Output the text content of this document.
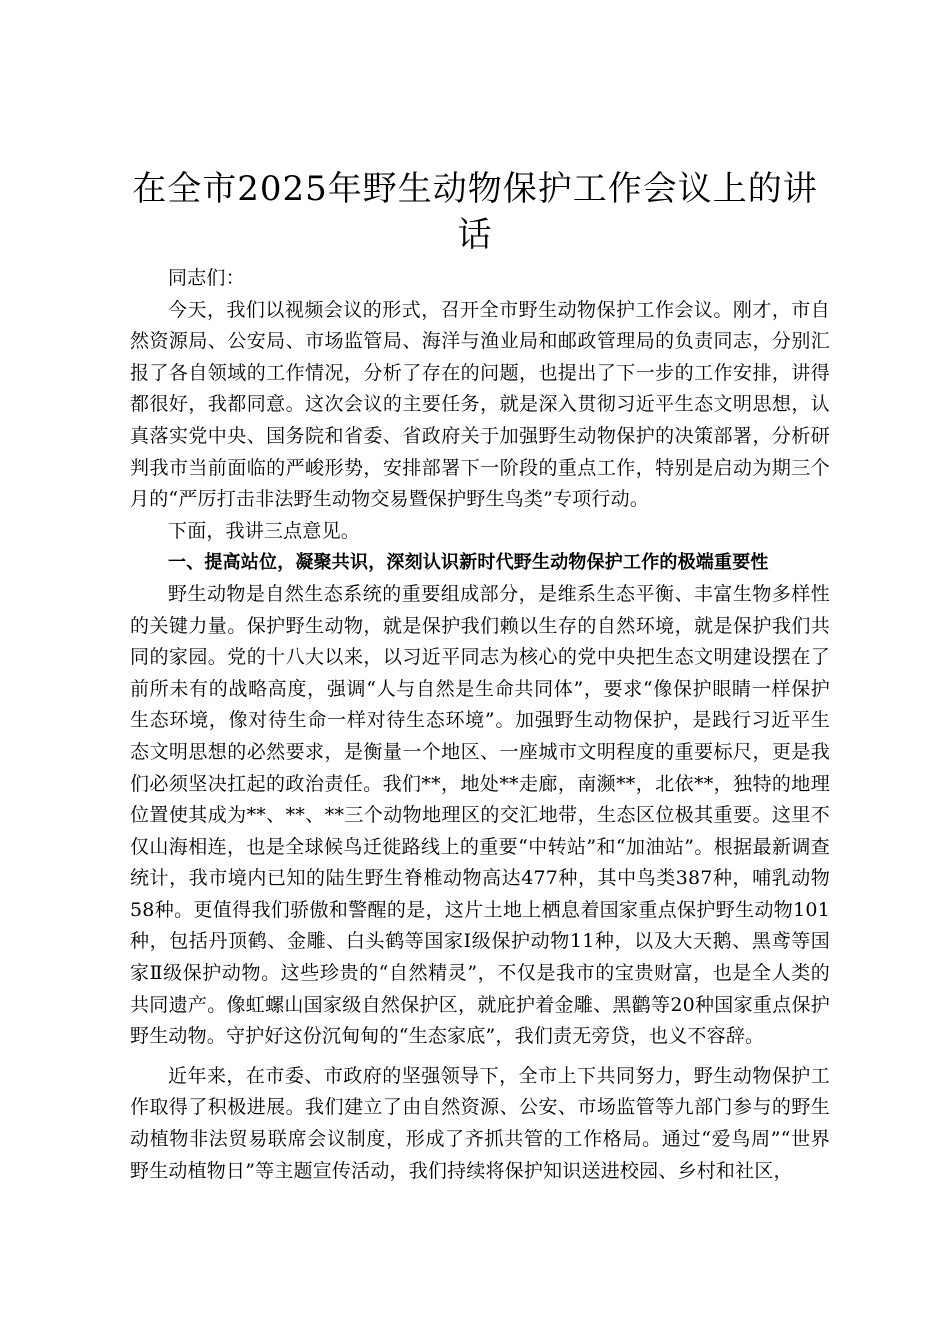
在全市2025年野生动物保护工作会议上的讲话

同志们：

今天，我们以视频会议的形式，召开全市野生动物保护工作会议。刚才，市自然资源局、公安局、市场监管局、海洋与渔业局和邮政管理局的负责同志，分别汇报了各自领域的工作情况，分析了存在的问题，也提出了下一步的工作安排，讲得都很好，我都同意。这次会议的主要任务，就是深入贯彻习近平生态文明思想，认真落实党中央、国务院和省委、省政府关于加强野生动物保护的决策部署，分析研判我市当前面临的严峻形势，安排部署下一阶段的重点工作，特别是启动为期三个月的“严厉打击非法野生动物交易暨保护野生鸟类”专项行动。

下面，我讲三点意见。

一、提高站位，凝聚共识，深刻认识新时代野生动物保护工作的极端重要性

野生动物是自然生态系统的重要组成部分，是维系生态平衡、丰富生物多样性的关键力量。保护野生动物，就是保护我们赖以生存的自然环境，就是保护我们共同的家园。党的十八大以来，以习近平同志为核心的党中央把生态文明建设摆在了前所未有的战略高度，强调“人与自然是生命共同体”，要求“像保护眼睛一样保护生态环境，像对待生命一样对待生态环境”。加强野生动物保护，是践行习近平生态文明思想的必然要求，是衡量一个地区、一座城市文明程度的重要标尺，更是我们必须坚决扛起的政治责任。我们**，地处**走廊，南濒**，北依**，独特的地理位置使其成为**、**、**三个动物地理区的交汇地带，生态区位极其重要。这里不仅山海相连，也是全球候鸟迁徙路线上的重要“中转站”和“加油站”。根据最新调查统计，我市境内已知的陆生野生脊椎动物高达477种，其中鸟类387种，哺乳动物58种。更值得我们骄傲和警醒的是，这片土地上栖息着国家重点保护野生动物101种，包括丹顶鹤、金雕、白头鹤等国家Ⅰ级保护动物11种，以及大天鹅、黑鸢等国家Ⅱ级保护动物。这些珍贵的“自然精灵”，不仅是我市的宝贵财富，也是全人类的共同遗产。像虹螺山国家级自然保护区，就庇护着金雕、黑鹳等20种国家重点保护野生动物。守护好这份沉甸甸的“生态家底”，我们责无旁贷，也义不容辞。

近年来，在市委、市政府的坚强领导下，全市上下共同努力，野生动物保护工作取得了积极进展。我们建立了由自然资源、公安、市场监管等九部门参与的野生动植物非法贸易联席会议制度，形成了齐抓共管的工作格局。通过“爱鸟周”“世界野生动植物日”等主题宣传活动，我们持续将保护知识送进校园、乡村和社区，
